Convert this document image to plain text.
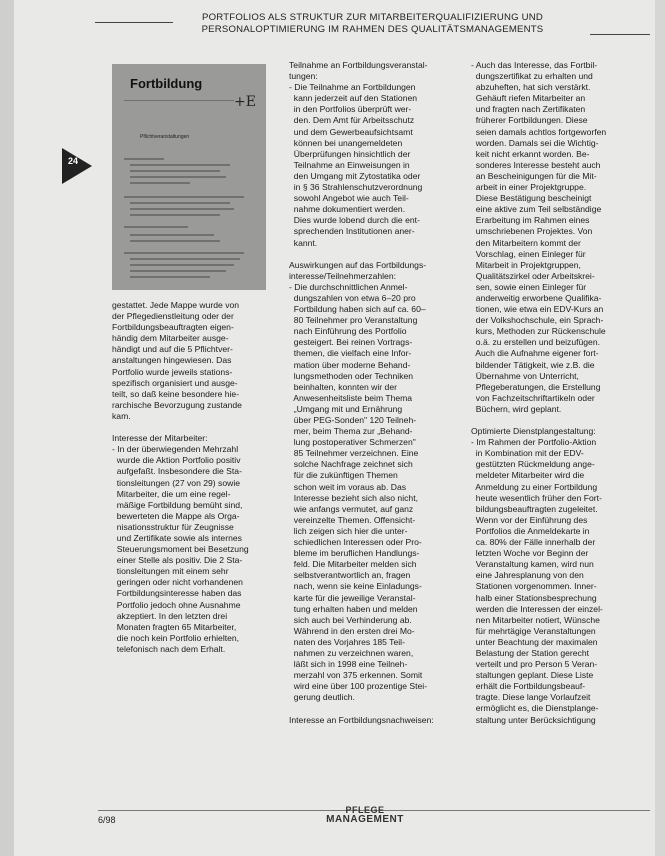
PORTFOLIOS ALS STRUKTUR ZUR MITARBEITERQUALIFIZIERUNG UND
PERSONALOPTIMIERUNG IM RAHMEN DES QUALITÄTSMANAGEMENTS
24
Fortbildung
+E
Pflichtveranstaltungen

gestattet. Jede Mappe wurde von

der Pflegedienstleitung oder der

Fortbildungsbeauftragten eigen-

händig dem Mitarbeiter ausge-

händigt und auf die 5 Pflichtver-

anstaltungen hingewiesen. Das

Portfolio wurde jeweils stations-

spezifisch organisiert und ausge-

teilt, so daß keine besondere hie-

rarchische Bevorzugung zustande

kam.

Interesse der Mitarbeiter:

- In der überwiegenden Mehrzahl

wurde die Aktion Portfolio positiv

aufgefaßt. Insbesondere die Sta-

tionsleitungen (27 von 29) sowie

Mitarbeiter, die um eine regel-

mäßige Fortbildung bemüht sind,

bewerteten die Mappe als Orga-

nisationsstruktur für Zeugnisse

und Zertifikate sowie als internes

Steuerungsmoment bei Besetzung

einer Stelle als positiv. Die 2 Sta-

tionsleitungen mit einem sehr

geringen oder nicht vorhandenen

Fortbildungsinteresse haben das

Portfolio jedoch ohne Ausnahme

akzeptiert. In den letzten drei

Monaten fragten 65 Mitarbeiter,

die noch kein Portfolio erhielten,

telefonisch nach dem Erhalt.

Teilnahme an Fortbildungsveranstal-

tungen:

- Die Teilnahme an Fortbildungen

kann jederzeit auf den Stationen

in den Portfolios überprüft wer-

den. Dem Amt für Arbeitsschutz

und dem Gewerbeaufsichtsamt

können bei unangemeldeten

Überprüfungen hinsichtlich der

Teilnahme an Einweisungen in

den Umgang mit Zytostatika oder

in § 36 Strahlenschutzverordnung

sowohl Angebot wie auch Teil-

nahme dokumentiert werden.

Dies wurde lobend durch die ent-

sprechenden Institutionen aner-

kannt.

Auswirkungen auf das Fortbildungs-

interesse/Teilnehmerzahlen:

- Die durchschnittlichen Anmel-

dungszahlen von etwa 6–20 pro

Fortbildung haben sich auf ca. 60–

80 Teilnehmer pro Veranstaltung

nach Einführung des Portfolio

gesteigert. Bei reinen Vortrags-

themen, die vielfach eine Infor-

mation über moderne Behand-

lungsmethoden oder Techniken

beinhalten, konnten wir der

Anwesenheitsliste beim Thema

„Umgang mit und Ernährung

über PEG-Sonden" 120 Teilneh-

mer, beim Thema zur „Behand-

lung postoperativer Schmerzen"

85 Teilnehmer verzeichnen. Eine

solche Nachfrage zeichnet sich

für die zukünftigen Themen

schon weit im voraus ab. Das

Interesse bezieht sich also nicht,

wie anfangs vermutet, auf ganz

vereinzelte Themen. Offensicht-

lich zeigen sich hier die unter-

schiedlichen Interessen oder Pro-

bleme im beruflichen Handlungs-

feld. Die Mitarbeiter melden sich

selbstverantwortlich an, fragen

nach, wenn sie keine Einladungs-

karte für die jeweilige Veranstal-

tung erhalten haben und melden

sich auch bei Verhinderung ab.

Während in den ersten drei Mo-

naten des Vorjahres 185 Teil-

nahmen zu verzeichnen waren,

läßt sich in 1998 eine Teilneh-

merzahl von 375 erkennen. Somit

wird eine über 100 prozentige Stei-

gerung deutlich.

Interesse an Fortbildungsnachweisen:

- Auch das Interesse, das Fortbil-

dungszertifikat zu erhalten und

abzuheften, hat sich verstärkt.

Gehäuft riefen Mitarbeiter an

und fragten nach Zertifikaten

früherer Fortbildungen. Diese

seien damals achtlos fortgeworfen

worden. Damals sei die Wichtig-

keit nicht erkannt worden. Be-

sonderes Interesse besteht auch

an Bescheinigungen für die Mit-

arbeit in einer Projektgruppe.

Diese Bestätigung bescheinigt

eine aktive zum Teil selbständige

Erarbeitung im Rahmen eines

umschriebenen Projektes. Von

den Mitarbeitern kommt der

Vorschlag, einen Einleger für

Mitarbeit in Projektgruppen,

Qualitätszirkel oder Arbeitskrei-

sen, sowie einen Einleger für

anderweitig erworbene Qualifika-

tionen, wie etwa ein EDV-Kurs an

der Volkshochschule, ein Sprach-

kurs, Methoden zur Rückenschule

o.ä. zu erstellen und beizufügen.

Auch die Aufnahme eigener fort-

bildender Tätigkeit, wie z.B. die

Übernahme von Unterricht,

Pflegeberatungen, die Erstellung

von Fachzeitschriftartikeln oder

Büchern, wird geplant.

Optimierte Dienstplangestaltung:

- Im Rahmen der Portfolio-Aktion

in Kombination mit der EDV-

gestützten Rückmeldung ange-

meldeter Mitarbeiter wird die

Anmeldung zu einer Fortbildung

heute wesentlich früher den Fort-

bildungsbeauftragten zugeleitet.

Wenn vor der Einführung des

Portfolios die Anmeldekarte in

ca. 80% der Fälle innerhalb der

letzten Woche vor Beginn der

Veranstaltung kamen, wird nun

eine Jahresplanung von den

Stationen vorgenommen. Inner-

halb einer Stationsbesprechung

werden die Interessen der einzel-

nen Mitarbeiter notiert, Wünsche

für mehrtägige Veranstaltungen

unter Beachtung der maximalen

Belastung der Station gerecht

verteilt und pro Person 5 Veran-

staltungen geplant. Diese Liste

erhält die Fortbildungsbeauf-

tragte. Diese lange Vorlaufzeit

ermöglicht es, die Dienstplange-

staltung unter Berücksichtigung

6/98
PFLEGE
MANAGEMENT
